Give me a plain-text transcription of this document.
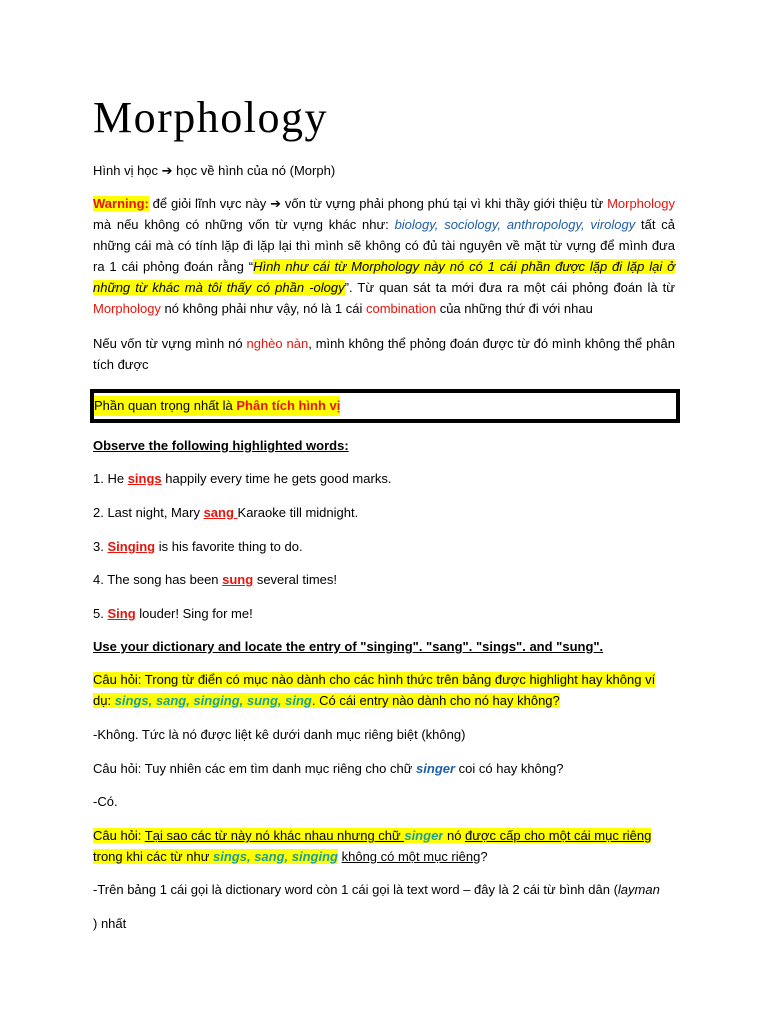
Morphology

Hình vị học ➔ học về hình của nó (Morph)

Warning: để giỏi lĩnh vực này ➔ vốn từ vựng phải phong phú tại vì khi thầy giới thiệu từ Morphology mà nếu không có những vốn từ vựng khác như: biology, sociology, anthropology, virology tất cả những cái mà có tính lặp đi lặp lại thì mình sẽ không có đủ tài nguyên về mặt từ vựng để mình đưa ra 1 cái phỏng đoán rằng “Hình như cái từ Morphology này nó có 1 cái phần được lặp đi lặp lại ở những từ khác mà tôi thấy có phần -ology”. Từ quan sát ta mới đưa ra một cái phỏng đoán là từ Morphology nó không phải như vậy, nó là 1 cái combination của những thứ đi với nhau

Nếu vốn từ vựng mình nó nghèo nàn, mình không thể phỏng đoán được từ đó mình không thể phân tích được

Phần quan trọng nhất là Phân tích hình vị

Observe the following highlighted words:

1. He sings happily every time he gets good marks.

2. Last night, Mary sang Karaoke till midnight.

3. Singing is his favorite thing to do.

4. The song has been sung several times!

5. Sing louder! Sing for me!

Use your dictionary and locate the entry of "singing". "sang". "sings". and "sung".

Câu hỏi: Trong từ điển có mục nào dành cho các hình thức trên bảng được highlight hay không ví dụ: sings, sang, singing, sung, sing. Có cái entry nào dành cho nó hay không?

-Không. Tức là nó được liệt kê dưới danh mục riêng biệt (không)

Câu hỏi: Tuy nhiên các em tìm danh mục riêng cho chữ singer coi có hay không?

-Có.

Câu hỏi: Tại sao các từ này nó khác nhau nhưng chữ singer nó được cấp cho một cái mục riêng trong khi các từ như sings, sang, singing không có một mục riêng?

-Trên bảng 1 cái gọi là dictionary word còn 1 cái gọi là text word – đây là 2 cái từ bình dân (layman

) nhất
